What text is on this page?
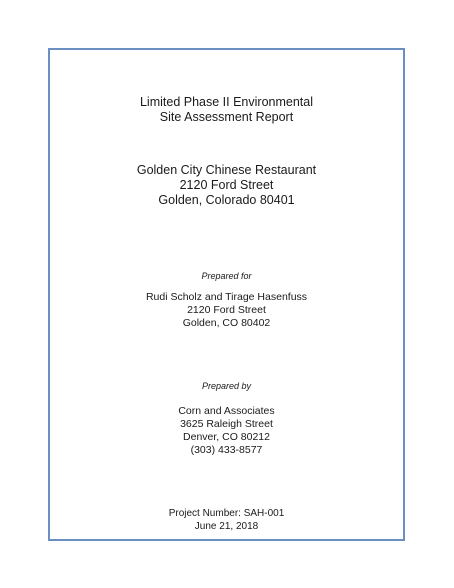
Limited Phase II Environmental
Site Assessment Report
Golden City Chinese Restaurant
2120 Ford Street
Golden, Colorado 80401
Prepared for
Rudi Scholz and Tirage Hasenfuss
2120 Ford Street
Golden, CO 80402
Prepared by
Corn and Associates
3625 Raleigh Street
Denver, CO 80212
(303) 433-8577
Project Number: SAH-001
June 21, 2018
